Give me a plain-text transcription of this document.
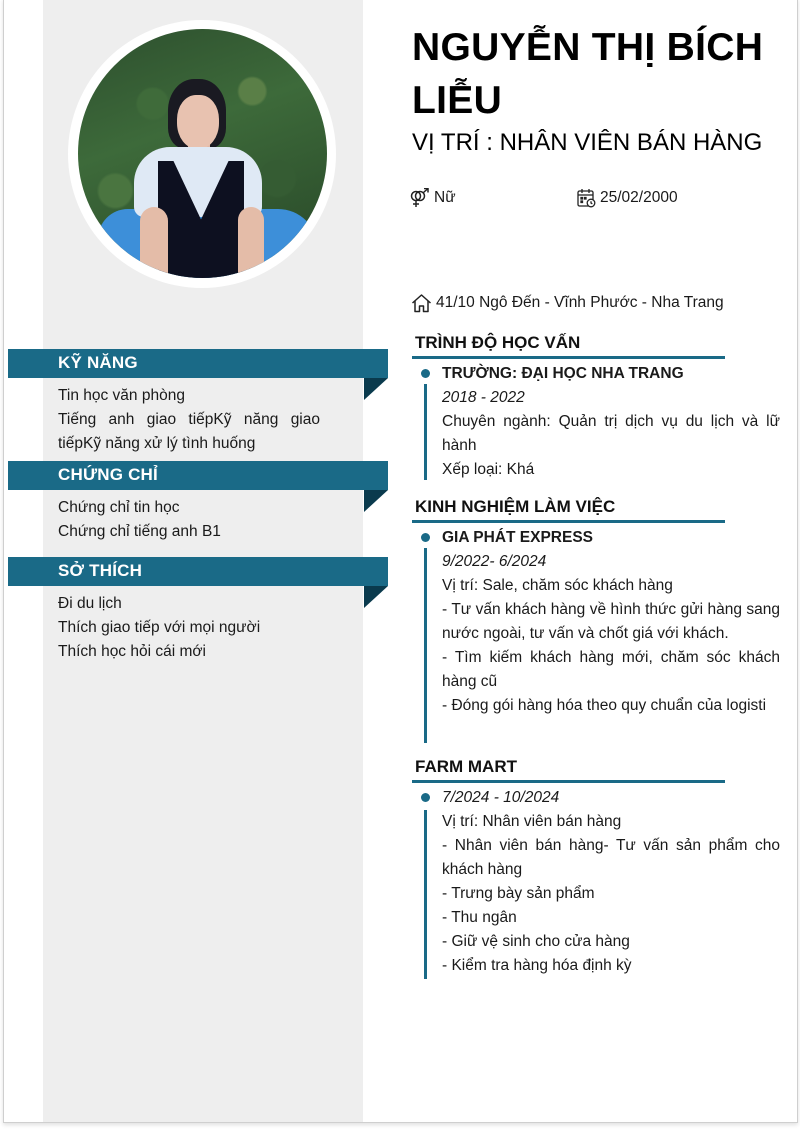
KỸ NĂNG
Tin học văn phòng
Tiếng anh giao tiếpKỹ năng giao tiếpKỹ năng xử lý tình huống
CHỨNG CHỈ
Chứng chỉ tin học
Chứng chỉ tiếng anh B1
SỞ THÍCH
Đi du lịch
Thích giao tiếp với mọi người
Thích học hỏi cái mới
NGUYỄN THỊ BÍCH LIỄU
VỊ TRÍ : NHÂN VIÊN BÁN HÀNG
Nữ	25/02/2000
41/10 Ngô Đến - Vĩnh Phước - Nha Trang
TRÌNH ĐỘ HỌC VẤN
TRƯỜNG: ĐẠI HỌC NHA TRANG
2018 - 2022
Chuyên ngành: Quản trị dịch vụ du lịch và lữ hành
Xếp loại: Khá
KINH NGHIỆM LÀM VIỆC
GIA PHÁT EXPRESS
9/2022- 6/2024
Vị trí: Sale, chăm sóc khách hàng
- Tư vấn khách hàng về hình thức gửi hàng sang nước ngoài, tư vấn và chốt giá với khách.
- Tìm kiếm khách hàng mới, chăm sóc khách hàng cũ
- Đóng gói hàng hóa theo quy chuẩn của logisti
FARM MART
7/2024 - 10/2024
Vị trí: Nhân viên bán hàng
- Nhân viên bán hàng- Tư vấn sản phẩm cho khách hàng
- Trưng bày sản phẩm
- Thu ngân
- Giữ vệ sinh cho cửa hàng
- Kiểm tra hàng hóa định kỳ
